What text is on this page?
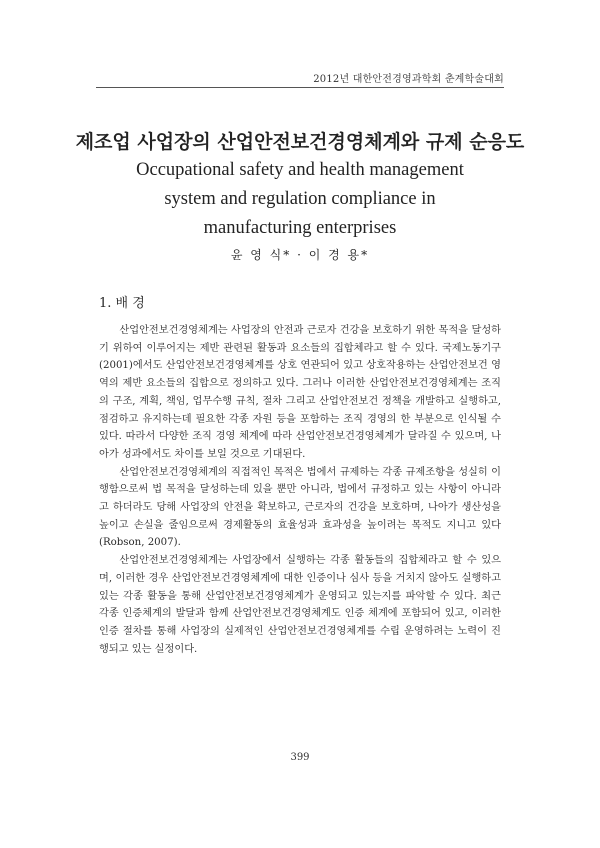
2012년 대한안전경영과학회 춘계학술대회
제조업 사업장의 산업안전보건경영체계와 규제 순응도
Occupational safety and health management
system and regulation compliance in
manufacturing enterprises
윤 영 식* · 이 경 용*
1. 배 경

산업안전보건경영체계는 사업장의 안전과 근로자 건강을 보호하기 위한 목적을 달성하기 위하여 이루어지는 제반 관련된 활동과 요소들의 집합체라고 할 수 있다. 국제노동기구(2001)에서도 산업안전보건경영체계를 상호 연관되어 있고 상호작용하는 산업안전보건 영역의 제반 요소들의 집합으로 정의하고 있다. 그러나 이러한 산업안전보건경영체계는 조직의 구조, 계획, 책임, 업무수행 규칙, 절차 그리고 산업안전보건 정책을 개발하고 실행하고, 점검하고 유지하는데 필요한 각종 자원 등을 포함하는 조직 경영의 한 부분으로 인식될 수 있다. 따라서 다양한 조직 경영 체계에 따라 산업안전보건경영체계가 달라질 수 있으며, 나아가 성과에서도 차이를 보일 것으로 기대된다.

산업안전보건경영체계의 직접적인 목적은 법에서 규제하는 각종 규제조항을 성실히 이행함으로써 법 목적을 달성하는데 있을 뿐만 아니라, 법에서 규정하고 있는 사항이 아니라고 하더라도 당해 사업장의 안전을 확보하고, 근로자의 건강을 보호하며, 나아가 생산성을 높이고 손실을 줄임으로써 경제활동의 효율성과 효과성을 높이려는 목적도 지니고 있다(Robson, 2007).

산업안전보건경영체계는 사업장에서 실행하는 각종 활동들의 집합체라고 할 수 있으며, 이러한 경우 산업안전보건경영체계에 대한 인증이나 심사 등을 거치지 않아도 실행하고 있는 각종 활동을 통해 산업안전보건경영체계가 운영되고 있는지를 파악할 수 있다. 최근 각종 인증체계의 발달과 함께 산업안전보건경영체계도 인증 체계에 포함되어 있고, 이러한 인증 절차를 통해 사업장의 실제적인 산업안전보건경영체계를 수립 운영하려는 노력이 진행되고 있는 실정이다.

399
